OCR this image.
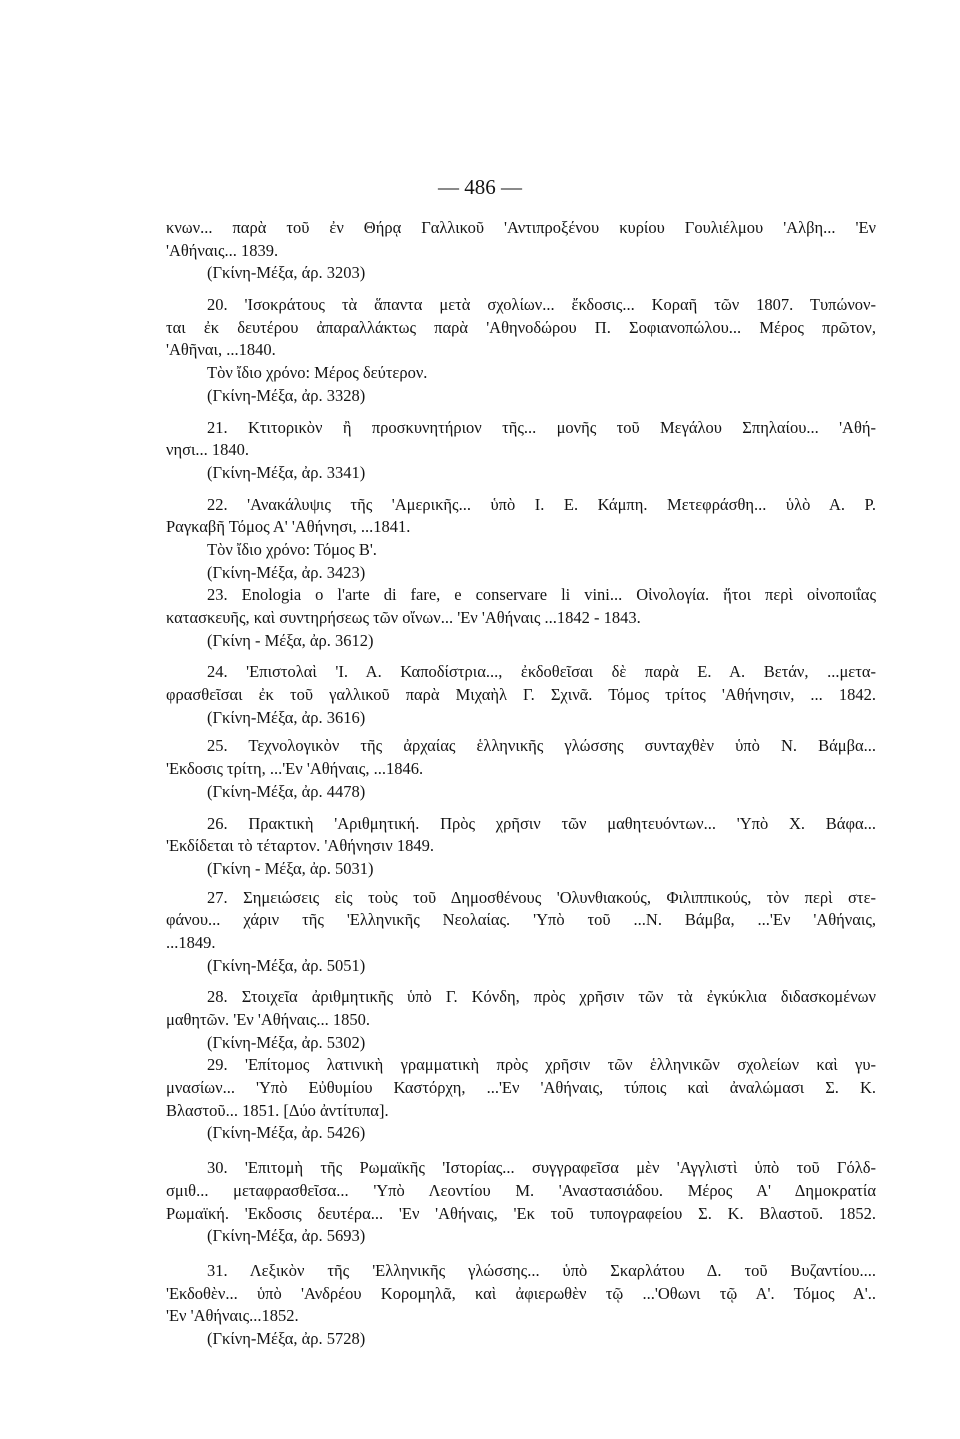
— 486 —
κνων... παρὰ τοῦ ἐν Θήρᾳ Γαλλικοῦ 'Αντιπροξένου κυρίου Γουλιέλμου 'Αλβη... 'Εν
'Αθήναις... 1839.
(Γκίνη-Μέξα, άρ. 3203)
20. 'Ισοκράτους τὰ ἅπαντα μετὰ σχολίων... ἔκδοσις... Κοραῆ τῶν 1807. Τυπώνον-
ται ἐκ δευτέρου ἀπαραλλάκτως παρὰ 'Αθηνοδώρου Π. Σοφιανοπώλου... Μέρος πρῶτον,
'Αθῆναι, ...1840.
Τὸν ἴδιο χρόνο: Μέρος δεύτερον.
(Γκίνη-Μέξα, ἀρ. 3328)
21. Κτιτορικὸν ἢ προσκυνητήριον τῆς... μονῆς τοῦ Μεγάλου Σπηλαίου... 'Αθή-
νησι... 1840.
(Γκίνη-Μέξα, ἀρ. 3341)
22. 'Ανακάλυψις τῆς 'Αμερικῆς... ὑπὸ Ι. Ε. Κάμπη. Μετεφράσθη... ὑλὸ Α. Ρ.
Ραγκαβῆ Τόμος Α' 'Αθήνησι, ...1841.
Τὸν ἴδιο χρόνο: Τόμος Β'.
(Γκίνη-Μέξα, ἀρ. 3423)
23. Enologia o l'arte di fare, e conservare li vini... Οἰνολογία. ἤτοι περὶ οἰνοποιΐας
κατασκευῆς, καὶ συντηρήσεως τῶν οἴνων... 'Εν 'Αθήναις ...1842 - 1843.
(Γκίνη - Μέξα, ἀρ. 3612)
24. 'Επιστολαὶ 'Ι. Α. Καποδίστρια..., ἐκδοθεῖσαι δὲ παρὰ Ε. Α. Βετάν, ...μετα-
φρασθεῖσαι ἐκ τοῦ γαλλικοῦ παρὰ Μιχαὴλ Γ. Σχινᾶ. Τόμος τρίτος 'Αθήνησιν, ... 1842.
(Γκίνη-Μέξα, ἀρ. 3616)
25. Τεχνολογικὸν τῆς ἀρχαίας ἑλληνικῆς γλώσσης συνταχθὲν ὑπὸ Ν. Βάμβα...
'Εκδοσις τρίτη, ...'Εν 'Αθήναις, ...1846.
(Γκίνη-Μέξα, ἀρ. 4478)
26. Πρακτικὴ 'Αριθμητική. Πρὸς χρῆσιν τῶν μαθητευόντων... 'Υπὸ Χ. Βάφα...
'Εκδίδεται τὸ τέταρτον. 'Αθήνησιν 1849.
(Γκίνη - Μέξα, ἀρ. 5031)
27. Σημειώσεις εἰς τοὺς τοῦ Δημοσθένους 'Ολυνθιακούς, Φιλιππικούς, τὸν περὶ στε-
φάνου... χάριν τῆς 'Ελληνικῆς Νεολαίας. 'Υπὸ τοῦ ...Ν. Βάμβα, ...'Εν 'Αθήναις,
...1849.
(Γκίνη-Μέξα, ἀρ. 5051)
28. Στοιχεῖα ἀριθμητικῆς ὑπὸ Γ. Κόνδη, πρὸς χρῆσιν τῶν τὰ ἐγκύκλια διδασκομένων
μαθητῶν. 'Εν 'Αθήναις... 1850.
(Γκίνη-Μέξα, ἀρ. 5302)
29. 'Επίτομος λατινικὴ γραμματικὴ πρὸς χρῆσιν τῶν ἑλληνικῶν σχολείων καὶ γυ-
μνασίων... 'Υπὸ Εὐθυμίου Καστόρχη, ...'Εν 'Αθήναις, τύποις καὶ ἀναλώμασι Σ. Κ.
Βλαστοῦ... 1851. [Δύο ἀντίτυπα].
(Γκίνη-Μέξα, ἀρ. 5426)
30. 'Επιτομὴ τῆς Ρωμαϊκῆς 'Ιστορίας... συγγραφεῖσα μὲν 'Αγγλιστὶ ὑπὸ τοῦ Γόλδ-
σμιθ... μεταφρασθεῖσα... 'Υπὸ Λεοντίου Μ. 'Αναστασιάδου. Μέρος Α' Δημοκρατία
Ρωμαϊκή. 'Εκδοσις δευτέρα... 'Εν 'Αθήναις, 'Εκ τοῦ τυπογραφείου Σ. Κ. Βλαστοῦ. 1852.
(Γκίνη-Μέξα, ἀρ. 5693)
31. Λεξικὸν τῆς 'Ελληνικῆς γλώσσης... ὑπὸ Σκαρλάτου Δ. τοῦ Βυζαντίου....
'Εκδοθὲν... ὑπὸ 'Ανδρέου Κορομηλᾶ, καὶ ἀφιερωθὲν τῷ ...'Οθωνι τῷ Α'. Τόμος Α'..
'Εν 'Αθήναις...1852.
(Γκίνη-Μέξα, ἀρ. 5728)
